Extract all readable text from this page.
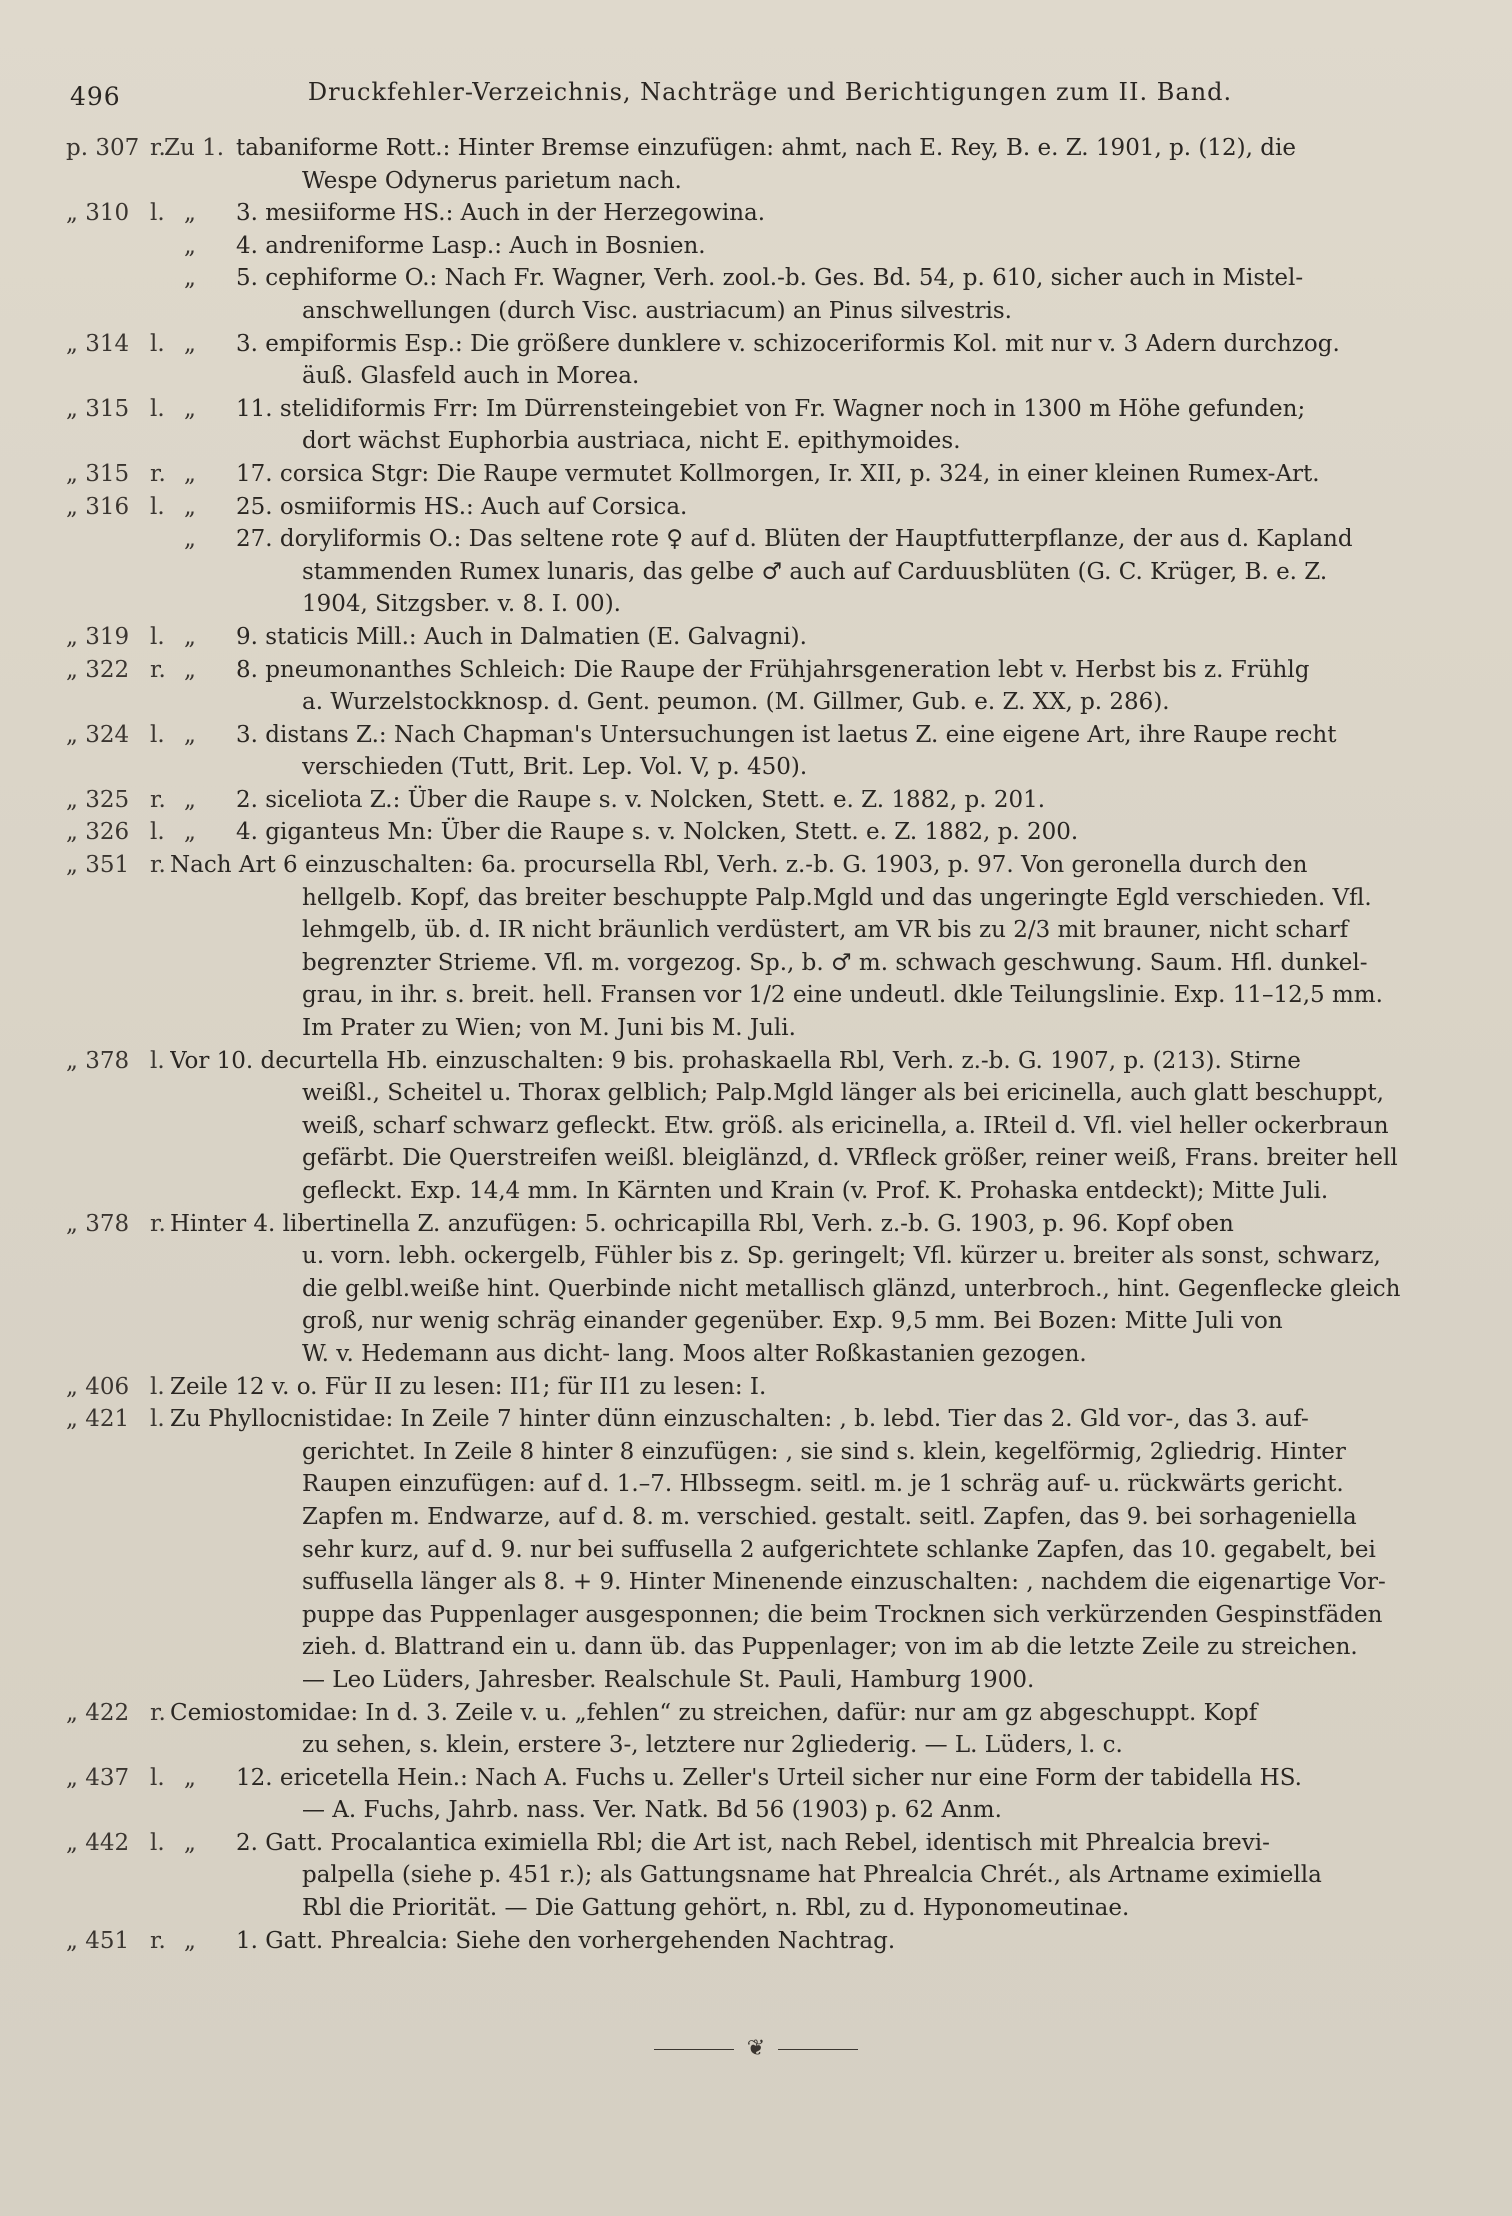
496	Druckfehler-Verzeichnis, Nachträge und Berichtigungen zum II. Band.
p. 307 r.
Zu 1. tabaniforme Rott.: Hinter Bremse einzufügen: ahmt, nach E. Rey, B. e. Z. 1901, p. (12), die
Wespe Odynerus parietum nach.
„ 310 l. „ 3. mesiiforme HS.: Auch in der Herzegowina.
„ 4. andreniforme Lasp.: Auch in Bosnien.
„ 5. cephiforme O.: Nach Fr. Wagner, Verh. zool.-b. Ges. Bd. 54, p. 610, sicher auch in Mistel-
anschwellungen (durch Visc. austriacum) an Pinus silvestris.
„ 314 l. „ 3. empiformis Esp.: Die größere dunklere v. schizoceriformis Kol. mit nur v. 3 Adern durchzog.
äuß. Glasfeld auch in Morea.
„ 315 l. „ 11. stelidiformis Frr: Im Dürrensteingebiet von Fr. Wagner noch in 1300 m Höhe gefunden;
dort wächst Euphorbia austriaca, nicht E. epithymoides.
„ 315 r. „ 17. corsica Stgr: Die Raupe vermutet Kollmorgen, Ir. XII, p. 324, in einer kleinen Rumex-Art.
„ 316 l. „ 25. osmiiformis HS.: Auch auf Corsica.
„ 27. doryliformis O.: Das seltene rote ♀ auf d. Blüten der Hauptfutterpflanze, der aus d. Kapland
stammenden Rumex lunaris, das gelbe ♂ auch auf Carduusblüten (G. C. Krüger, B. e. Z.
1904, Sitzgsber. v. 8. I. 00).
„ 319 l. „ 9. staticis Mill.: Auch in Dalmatien (E. Galvagni).
„ 322 r. „ 8. pneumonanthes Schleich: Die Raupe der Frühjahrsgeneration lebt v. Herbst bis z. Frühlg
a. Wurzelstockknosp. d. Gent. peumon. (M. Gillmer, Gub. e. Z. XX, p. 286).
„ 324 l. „ 3. distans Z.: Nach Chapman's Untersuchungen ist laetus Z. eine eigene Art, ihre Raupe recht
verschieden (Tutt, Brit. Lep. Vol. V, p. 450).
„ 325 r. „ 2. siceliota Z.: Über die Raupe s. v. Nolcken, Stett. e. Z. 1882, p. 201.
„ 326 l. „ 4. giganteus Mn: Über die Raupe s. v. Nolcken, Stett. e. Z. 1882, p. 200.
„ 351 r. Nach Art 6 einzuschalten: 6a. procursella Rbl, Verh. z.-b. G. 1903, p. 97. Von geronella durch den
hellgelb. Kopf, das breiter beschuppte Palp.Mgld und das ungeringte Egld verschieden. Vfl.
lehmgelb, üb. d. IR nicht bräunlich verdüstert, am VR bis zu 2/3 mit brauner, nicht scharf
begrenzter Strieme. Vfl. m. vorgezog. Sp., b. ♂ m. schwach geschwung. Saum. Hfl. dunkel-
grau, in ihr. s. breit. hell. Fransen vor 1/2 eine undeutl. dkle Teilungslinie. Exp. 11–12,5 mm.
Im Prater zu Wien; von M. Juni bis M. Juli.
„ 378 l. Vor 10. decurtella Hb. einzuschalten: 9 bis. prohaskaella Rbl, Verh. z.-b. G. 1907, p. (213). Stirne
weißl., Scheitel u. Thorax gelblich; Palp.Mgld länger als bei ericinella, auch glatt beschuppt,
weiß, scharf schwarz gefleckt. Etw. größ. als ericinella, a. IRteil d. Vfl. viel heller ockerbraun
gefärbt. Die Querstreifen weißl. bleiglänzd, d. VRfleck größer, reiner weiß, Frans. breiter hell
gefleckt. Exp. 14,4 mm. In Kärnten und Krain (v. Prof. K. Prohaska entdeckt); Mitte Juli.
„ 378 r. Hinter 4. libertinella Z. anzufügen: 5. ochricapilla Rbl, Verh. z.-b. G. 1903, p. 96. Kopf oben
u. vorn. lebh. ockergelb, Fühler bis z. Sp. geringelt; Vfl. kürzer u. breiter als sonst, schwarz,
die gelbl.weiße hint. Querbinde nicht metallisch glänzd, unterbroch., hint. Gegenflecke gleich
groß, nur wenig schräg einander gegenüber. Exp. 9,5 mm. Bei Bozen: Mitte Juli von
W. v. Hedemann aus dicht- lang. Moos alter Roßkastanien gezogen.
„ 406 l. Zeile 12 v. o. Für II zu lesen: II1; für II1 zu lesen: I.
„ 421 l. Zu Phyllocnistidae: In Zeile 7 hinter dünn einzuschalten: , b. lebd. Tier das 2. Gld vor-, das 3. auf-
gerichtet. In Zeile 8 hinter 8 einzufügen: , sie sind s. klein, kegelförmig, 2gliedrig. Hinter
Raupen einzufügen: auf d. 1.–7. Hlbssegm. seitl. m. je 1 schräg auf- u. rückwärts gericht.
Zapfen m. Endwarze, auf d. 8. m. verschied. gestalt. seitl. Zapfen, das 9. bei sorhageniella
sehr kurz, auf d. 9. nur bei suffusella 2 aufgerichtete schlanke Zapfen, das 10. gegabelt, bei
suffusella länger als 8. + 9. Hinter Minenende einzuschalten: , nachdem die eigenartige Vor-
puppe das Puppenlager ausgesponnen; die beim Trocknen sich verkürzenden Gespinstfäden
zieh. d. Blattrand ein u. dann üb. das Puppenlager; von im ab die letzte Zeile zu streichen.
— Leo Lüders, Jahresber. Realschule St. Pauli, Hamburg 1900.
„ 422 r. Cemiostomidae: In d. 3. Zeile v. u. „fehlen“ zu streichen, dafür: nur am gz abgeschuppt. Kopf
zu sehen, s. klein, erstere 3-, letztere nur 2gliederig. — L. Lüders, l. c.
„ 437 l. „ 12. ericetella Hein.: Nach A. Fuchs u. Zeller's Urteil sicher nur eine Form der tabidella HS.
— A. Fuchs, Jahrb. nass. Ver. Natk. Bd 56 (1903) p. 62 Anm.
„ 442 l. „ 2. Gatt. Procalantica eximiella Rbl; die Art ist, nach Rebel, identisch mit Phrealcia brevi-
palpella (siehe p. 451 r.); als Gattungsname hat Phrealcia Chrét., als Artname eximiella
Rbl die Priorität. — Die Gattung gehört, n. Rbl, zu d. Hyponomeutinae.
„ 451 r. „ 1. Gatt. Phrealcia: Siehe den vorhergehenden Nachtrag.
❦
